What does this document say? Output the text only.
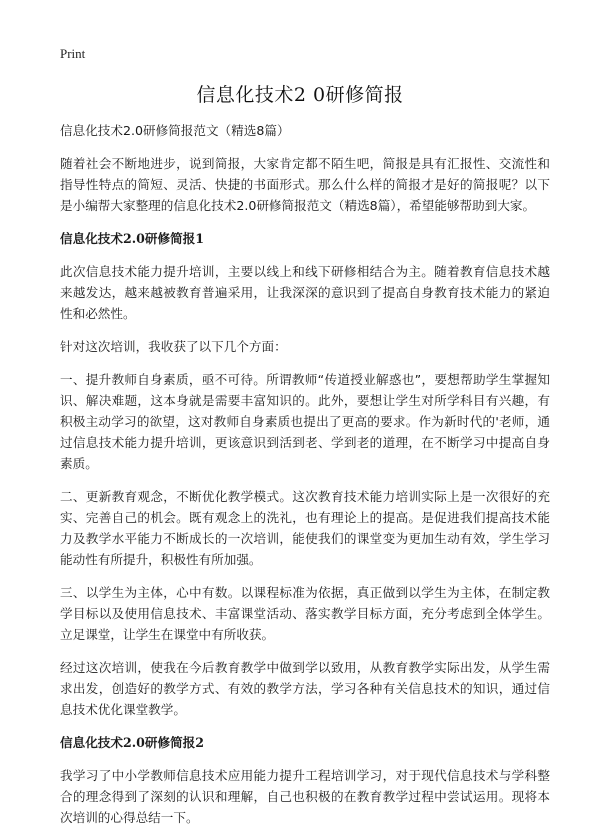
Print
信息化技术2 0研修简报

信息化技术2.0研修简报范文（精选8篇）

随着社会不断地进步，说到简报，大家肯定都不陌生吧，简报是具有汇报性、交流性和指导性特点的简短、灵活、快捷的书面形式。那么什么样的简报才是好的简报呢？以下是小编帮大家整理的信息化技术2.0研修简报范文（精选8篇），希望能够帮助到大家。

信息化技术2.0研修简报1

此次信息技术能力提升培训，主要以线上和线下研修相结合为主。随着教育信息技术越来越发达，越来越被教育普遍采用，让我深深的意识到了提高自身教育技术能力的紧迫性和必然性。

针对这次培训，我收获了以下几个方面：

一、提升教师自身素质，亟不可待。所谓教师“传道授业解惑也”，要想帮助学生掌握知识、解决难题，这本身就是需要丰富知识的。此外，要想让学生对所学科目有兴趣，有积极主动学习的欲望，这对教师自身素质也提出了更高的要求。作为新时代的'老师，通过信息技术能力提升培训，更该意识到活到老、学到老的道理，在不断学习中提高自身素质。

二、更新教育观念，不断优化教学模式。这次教育技术能力培训实际上是一次很好的充实、完善自己的机会。既有观念上的洗礼，也有理论上的提高。是促进我们提高技术能力及教学水平能力不断成长的一次培训，能使我们的课堂变为更加生动有效，学生学习能动性有所提升，积极性有所加强。

三、以学生为主体，心中有数。以课程标准为依据，真正做到以学生为主体，在制定教学目标以及使用信息技术、丰富课堂活动、落实教学目标方面，充分考虑到全体学生。立足课堂，让学生在课堂中有所收获。

经过这次培训，使我在今后教育教学中做到学以致用，从教育教学实际出发，从学生需求出发，创造好的教学方式、有效的教学方法，学习各种有关信息技术的知识，通过信息技术优化课堂教学。

信息化技术2.0研修简报2

我学习了中小学教师信息技术应用能力提升工程培训学习，对于现代信息技术与学科整合的理念得到了深刻的认识和理解，自己也积极的在教育教学过程中尝试运用。现将本次培训的心得总结一下。
